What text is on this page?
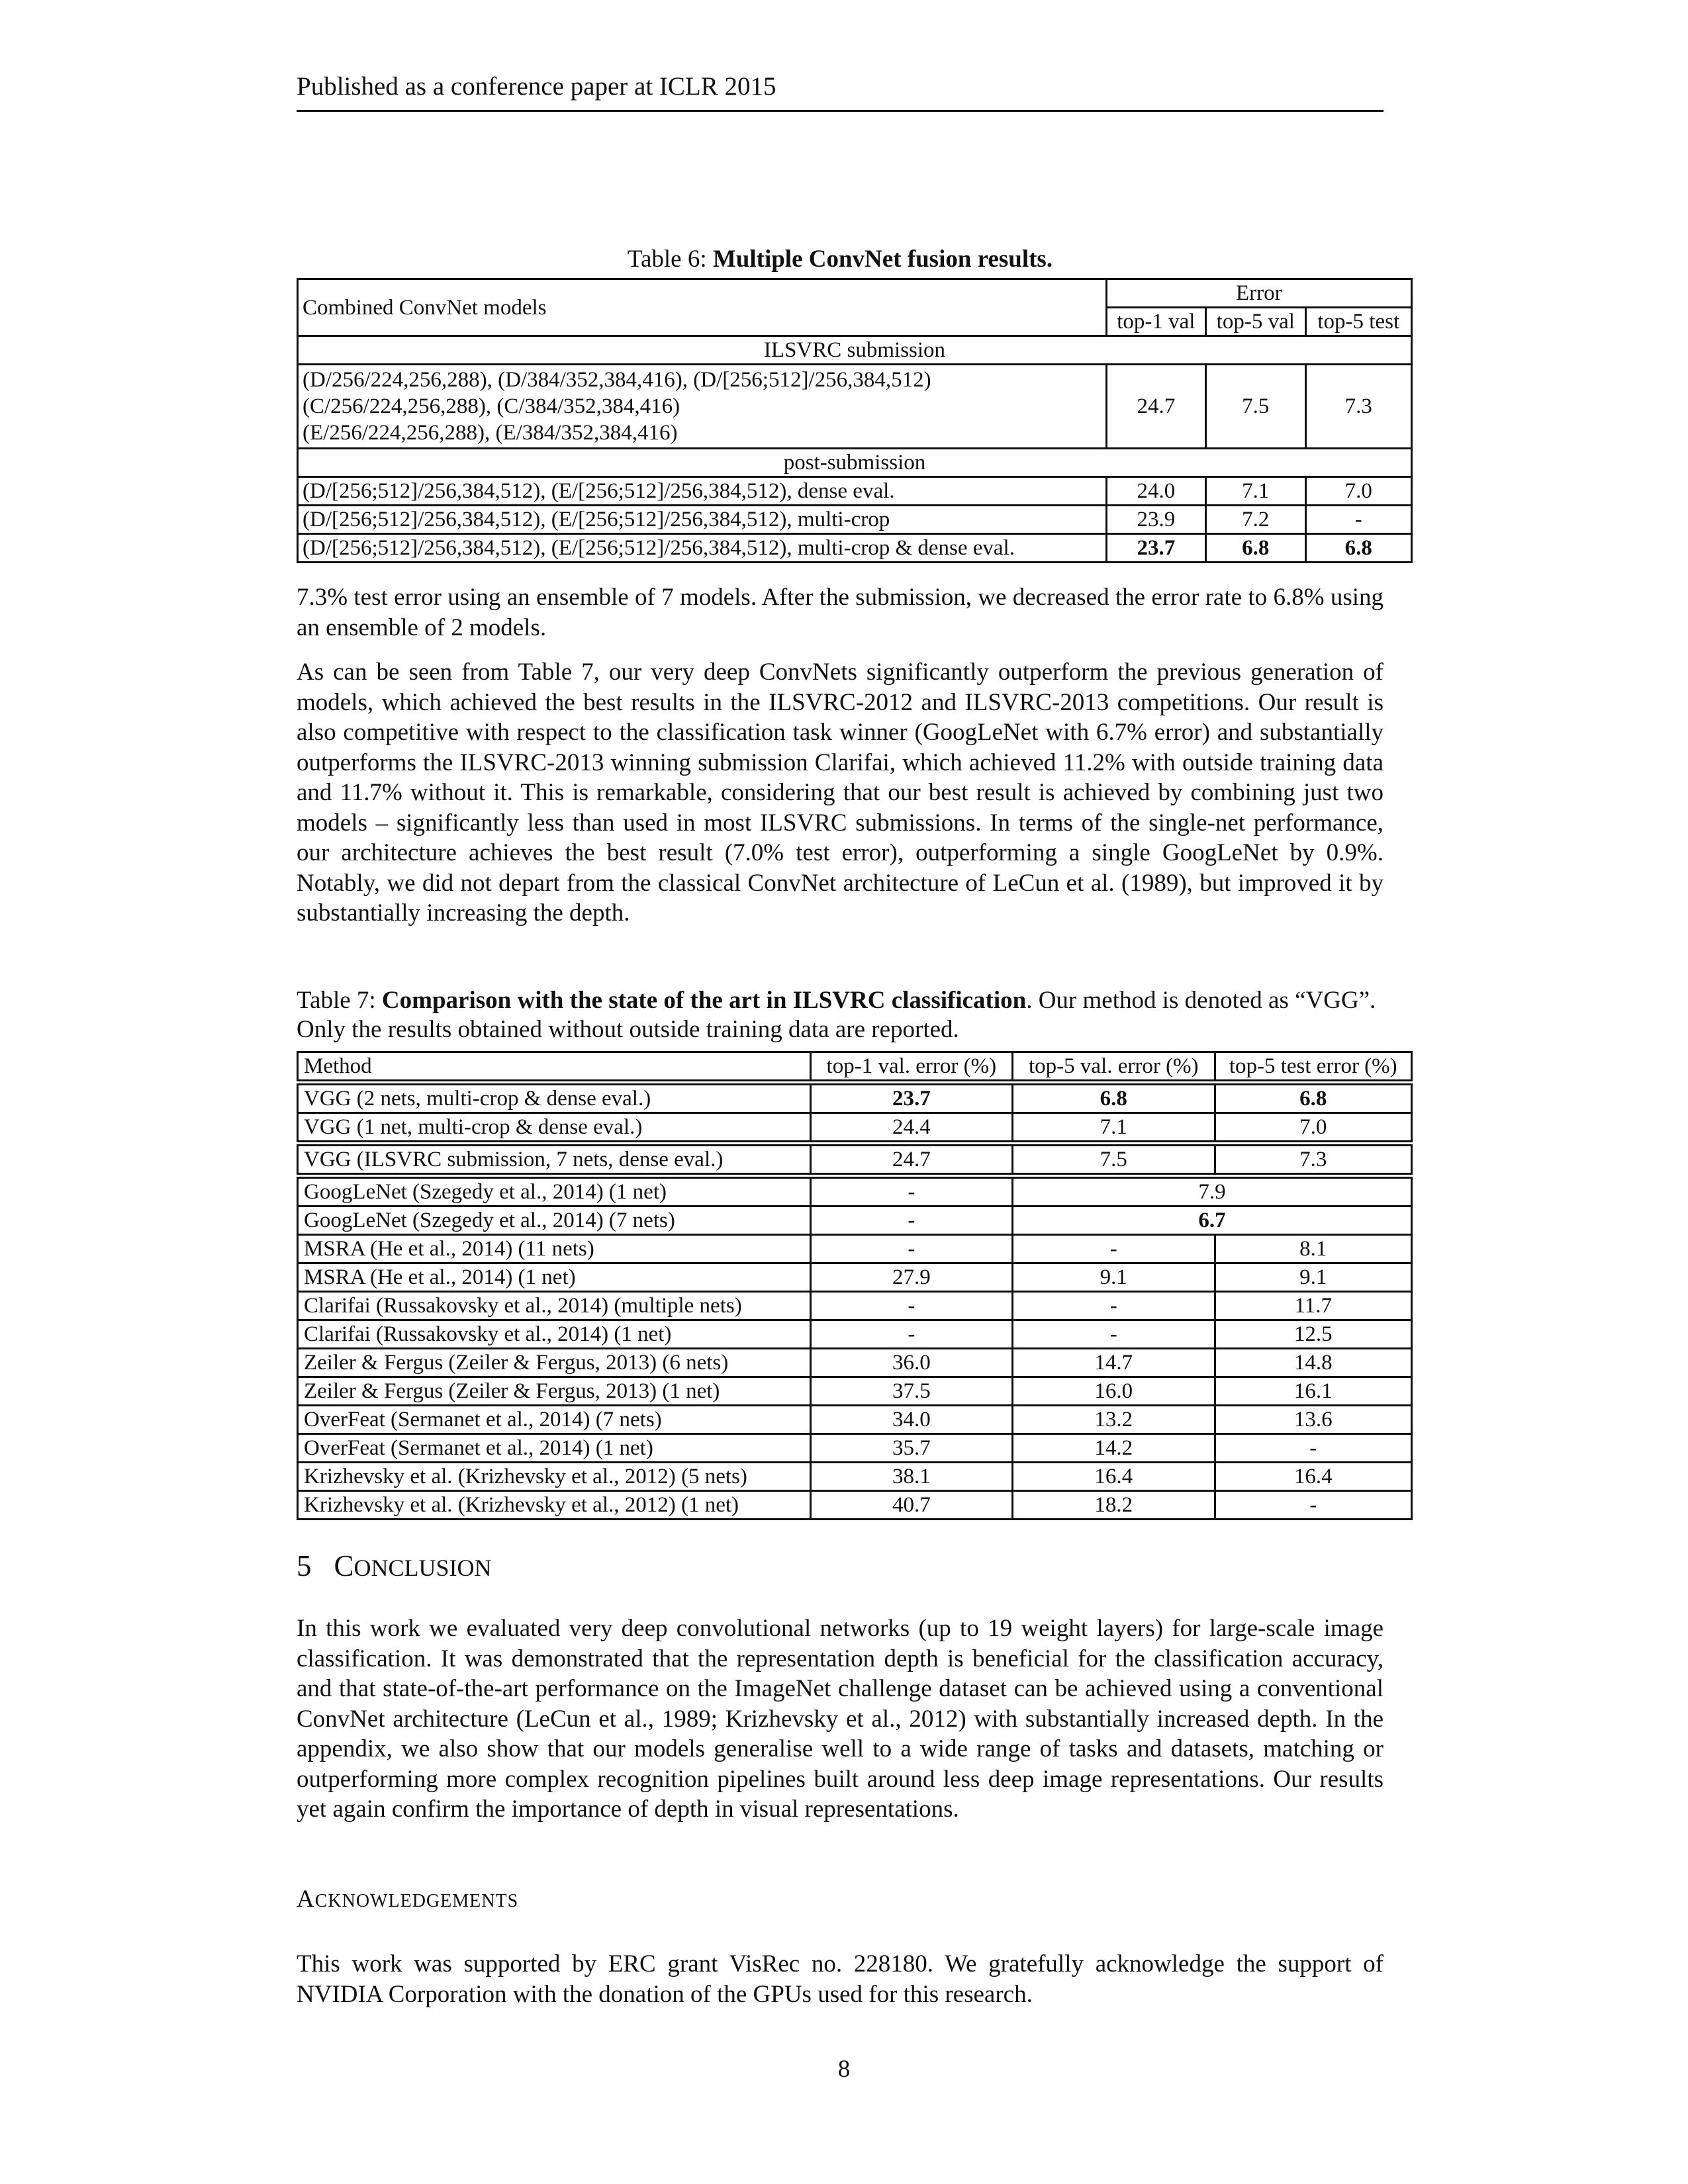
Published as a conference paper at ICLR 2015
Table 6: Multiple ConvNet fusion results.
Combined ConvNet models	Error		
	top-1 val	top-5 val	top-5 test
ILSVRC submission			

(D/256/224,256,288), (D/384/352,384,416), (D/[256;512]/256,384,512)
(C/256/224,256,288), (C/384/352,384,416)
(E/256/224,256,288), (E/384/352,384,416)	24.7	7.5	7.3
post-submission			
(D/[256;512]/256,384,512), (E/[256;512]/256,384,512), dense eval.	24.0	7.1	7.0
(D/[256;512]/256,384,512), (E/[256;512]/256,384,512), multi-crop	23.9	7.2	-
(D/[256;512]/256,384,512), (E/[256;512]/256,384,512), multi-crop & dense eval.	23.7	6.8	6.8
7.3% test error using an ensemble of 7 models. After the submission, we decreased the error rate to 6.8% using an ensemble of 2 models.
As can be seen from Table 7, our very deep ConvNets significantly outperform the previous generation of models, which achieved the best results in the ILSVRC-2012 and ILSVRC-2013 competitions. Our result is also competitive with respect to the classification task winner (GoogLeNet with 6.7% error) and substantially outperforms the ILSVRC-2013 winning submission Clarifai, which achieved 11.2% with outside training data and 11.7% without it. This is remarkable, considering that our best result is achieved by combining just two models – significantly less than used in most ILSVRC submissions. In terms of the single-net performance, our architecture achieves the best result (7.0% test error), outperforming a single GoogLeNet by 0.9%. Notably, we did not depart from the classical ConvNet architecture of LeCun et al. (1989), but improved it by substantially increasing the depth.
Table 7: Comparison with the state of the art in ILSVRC classification. Our method is denoted as “VGG”. Only the results obtained without outside training data are reported.
Method	top-1 val. error (%)	top-5 val. error (%)	top-5 test error (%)
VGG (2 nets, multi-crop & dense eval.)	23.7	6.8	6.8
VGG (1 net, multi-crop & dense eval.)	24.4	7.1	7.0
VGG (ILSVRC submission, 7 nets, dense eval.)	24.7	7.5	7.3
GoogLeNet (Szegedy et al., 2014) (1 net)	-	7.9	
GoogLeNet (Szegedy et al., 2014) (7 nets)	-	6.7	
MSRA (He et al., 2014) (11 nets)	-	-	8.1
MSRA (He et al., 2014) (1 net)	27.9	9.1	9.1
Clarifai (Russakovsky et al., 2014) (multiple nets)	-	-	11.7
Clarifai (Russakovsky et al., 2014) (1 net)	-	-	12.5
Zeiler & Fergus (Zeiler & Fergus, 2013) (6 nets)	36.0	14.7	14.8
Zeiler & Fergus (Zeiler & Fergus, 2013) (1 net)	37.5	16.0	16.1
OverFeat (Sermanet et al., 2014) (7 nets)	34.0	13.2	13.6
OverFeat (Sermanet et al., 2014) (1 net)	35.7	14.2	-
Krizhevsky et al. (Krizhevsky et al., 2012) (5 nets)	38.1	16.4	16.4
Krizhevsky et al. (Krizhevsky et al., 2012) (1 net)	40.7	18.2	-
5 CONCLUSION
In this work we evaluated very deep convolutional networks (up to 19 weight layers) for large-scale image classification. It was demonstrated that the representation depth is beneficial for the classification accuracy, and that state-of-the-art performance on the ImageNet challenge dataset can be achieved using a conventional ConvNet architecture (LeCun et al., 1989; Krizhevsky et al., 2012) with substantially increased depth. In the appendix, we also show that our models generalise well to a wide range of tasks and datasets, matching or outperforming more complex recognition pipelines built around less deep image representations. Our results yet again confirm the importance of depth in visual representations.
ACKNOWLEDGEMENTS
This work was supported by ERC grant VisRec no. 228180. We gratefully acknowledge the support of NVIDIA Corporation with the donation of the GPUs used for this research.
8
